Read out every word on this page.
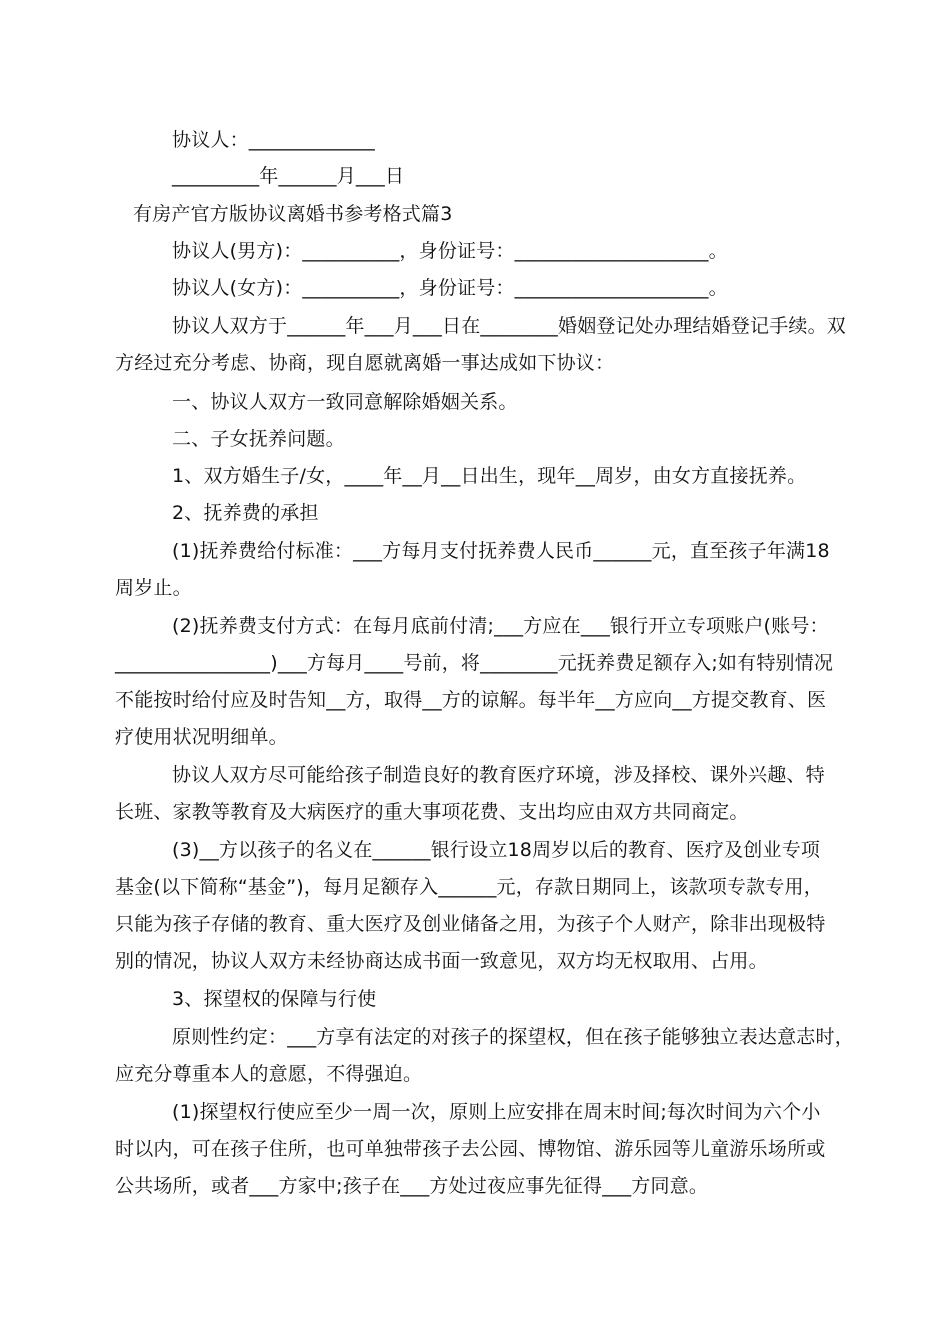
协议人：_____________
_________年______月___日
有房产官方版协议离婚书参考格式篇3
协议人(男方)：__________，身份证号：____________________。
协议人(女方)：__________，身份证号：____________________。
协议人双方于______年___月___日在________婚姻登记处办理结婚登记手续。双
方经过充分考虑、协商，现自愿就离婚一事达成如下协议：
一、协议人双方一致同意解除婚姻关系。
二、子女抚养问题。
1、双方婚生子/女，____年__月__日出生，现年__周岁，由女方直接抚养。
2、抚养费的承担
(1)抚养费给付标准：___方每月支付抚养费人民币______元，直至孩子年满18
周岁止。
(2)抚养费支付方式：在每月底前付清;___方应在___银行开立专项账户(账号：
________________)___方每月____号前，将________元抚养费足额存入;如有特别情况
不能按时给付应及时告知__方，取得__方的谅解。每半年__方应向__方提交教育、医
疗使用状况明细单。
协议人双方尽可能给孩子制造良好的教育医疗环境，涉及择校、课外兴趣、特
长班、家教等教育及大病医疗的重大事项花费、支出均应由双方共同商定。
(3)__方以孩子的名义在______银行设立18周岁以后的教育、医疗及创业专项
基金(以下简称“基金”)，每月足额存入______元，存款日期同上，该款项专款专用，
只能为孩子存储的教育、重大医疗及创业储备之用，为孩子个人财产，除非出现极特
别的情况，协议人双方未经协商达成书面一致意见，双方均无权取用、占用。
3、探望权的保障与行使
原则性约定：___方享有法定的对孩子的探望权，但在孩子能够独立表达意志时，
应充分尊重本人的意愿，不得强迫。
(1)探望权行使应至少一周一次，原则上应安排在周末时间;每次时间为六个小
时以内，可在孩子住所，也可单独带孩子去公园、博物馆、游乐园等儿童游乐场所或
公共场所，或者___方家中;孩子在___方处过夜应事先征得___方同意。
